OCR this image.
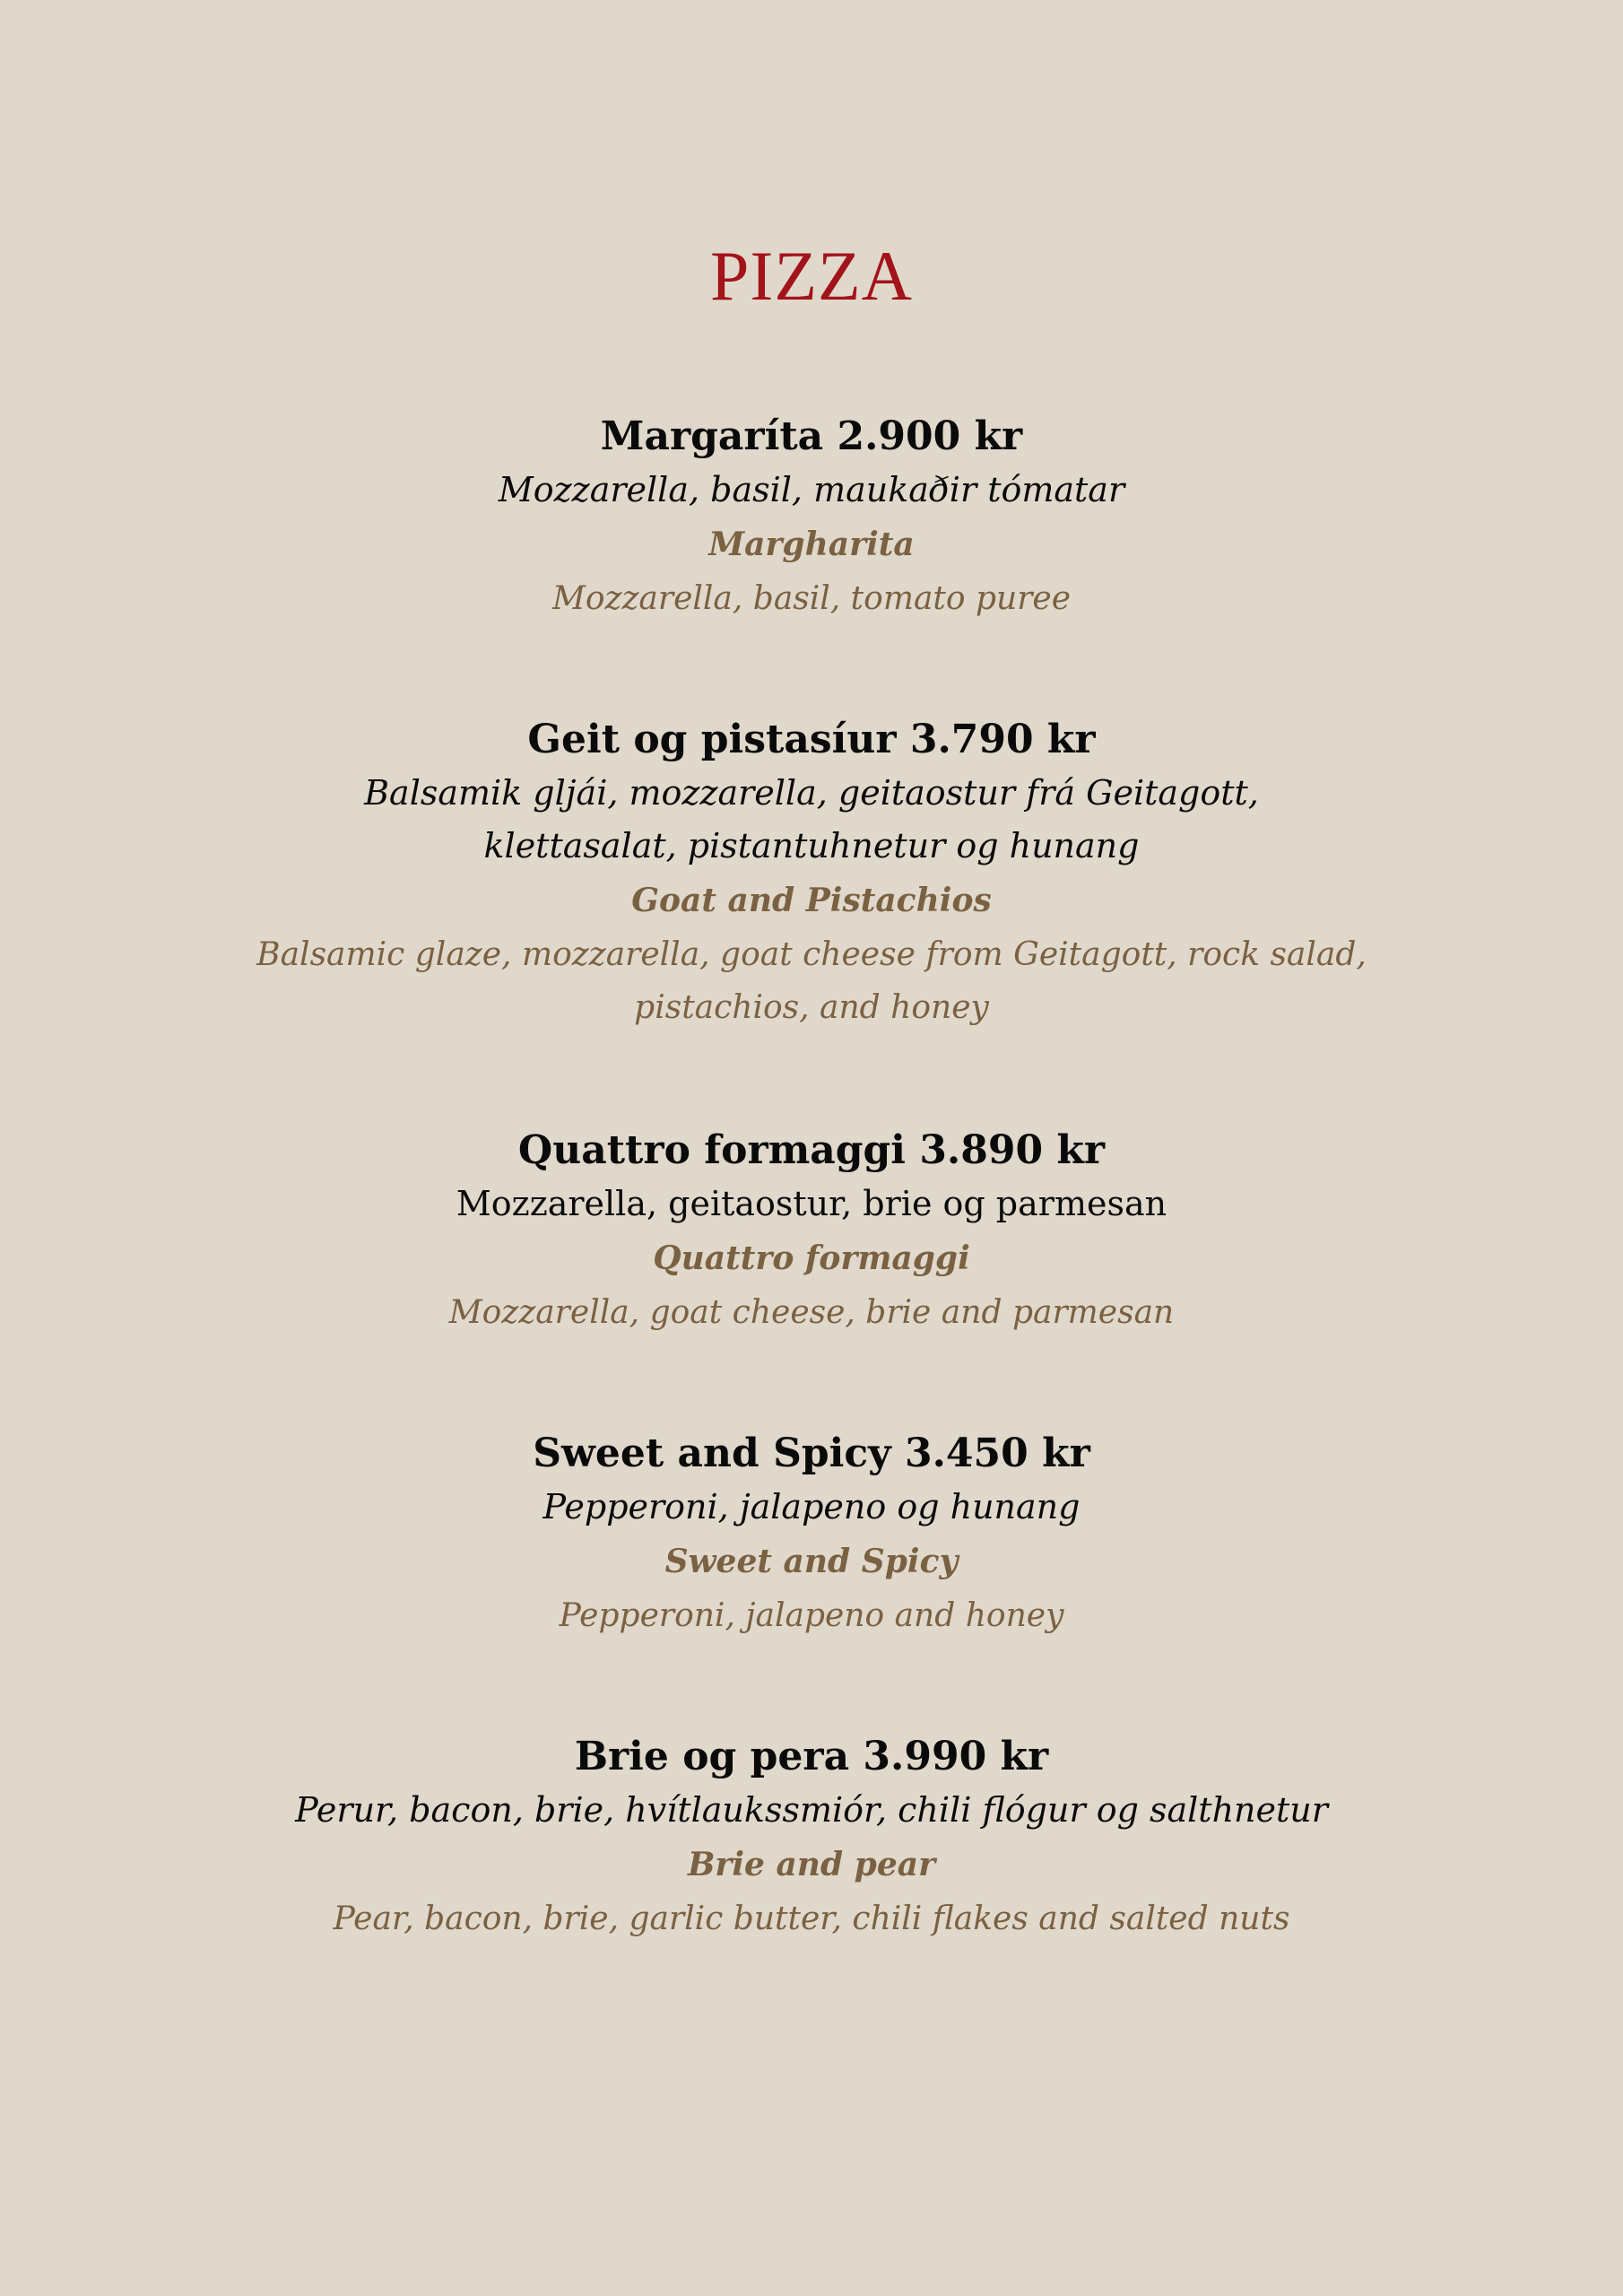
PIZZA
Margaríta 2.900 kr
Mozzarella, basil, maukaðir tómatar
Margharita
Mozzarella, basil, tomato puree
Geit og pistasíur 3.790 kr
Balsamik gljái, mozzarella, geitaostur frá Geitagott,
klettasalat, pistantuhnetur og hunang
Goat and Pistachios
Balsamic glaze, mozzarella, goat cheese from Geitagott, rock salad,
pistachios, and honey
Quattro formaggi 3.890 kr
Mozzarella, geitaostur, brie og parmesan
Quattro formaggi
Mozzarella, goat cheese, brie and parmesan
Sweet and Spicy 3.450 kr
Pepperoni, jalapeno og hunang
Sweet and Spicy
Pepperoni, jalapeno and honey
Brie og pera 3.990 kr
Perur, bacon, brie, hvítlaukssmiór, chili flógur og salthnetur
Brie and pear
Pear, bacon, brie, garlic butter, chili flakes and salted nuts
